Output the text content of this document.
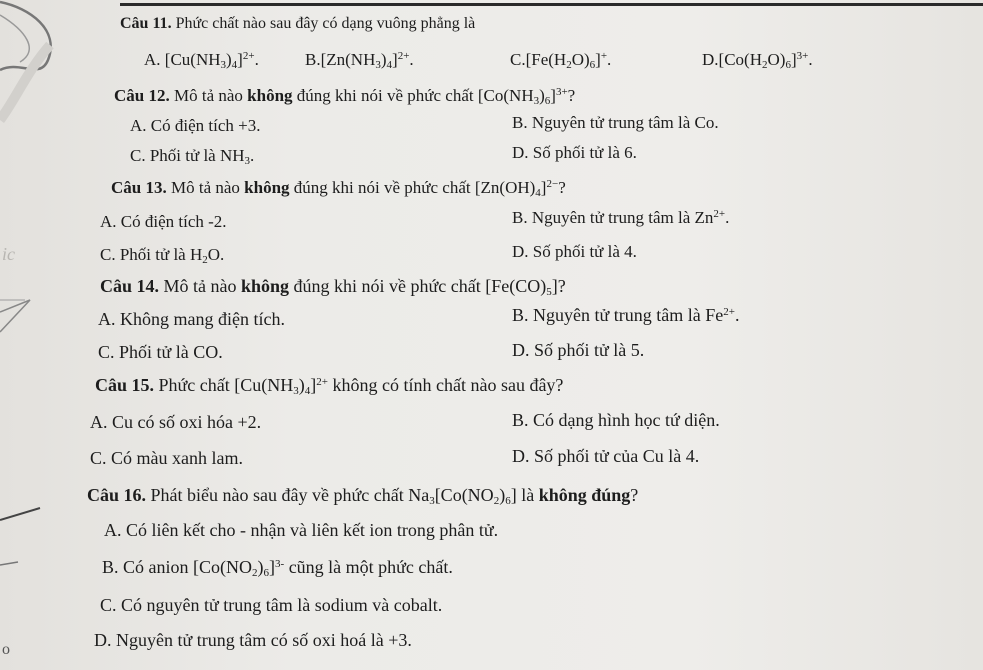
ic
o
Câu 11. Phức chất nào sau đây có dạng vuông phẳng là
A. $[Cu(NH_3)_4]^{2+}$.	$B.[Zn(NH_3)_4]^{2+}$.	$C.[Fe(H_2O)_6]^+$.	$D.[Co(H_2O)_6]^{3+}$.
Câu 12. Mô tả nào không đúng khi nói về phức chất $[Co(NH_3)_6]^{3+}$?
A. Có điện tích +3.	B. Nguyên tử trung tâm là Co.
C. Phối tử là $NH_3$.	D. Số phối tử là 6.
Câu 13. Mô tả nào không đúng khi nói về phức chất $[Zn(OH)_4]^{2-}$?
A. Có điện tích -2.	B. Nguyên tử trung tâm là $Zn^{2+}$.
C. Phối tử là $H_2O$.	D. Số phối tử là 4.
Câu 14. Mô tả nào không đúng khi nói về phức chất $[Fe(CO)_5]$?
A. Không mang điện tích.	B. Nguyên tử trung tâm là $Fe^{2+}$.
C. Phối tử là CO.	D. Số phối tử là 5.
Câu 15. Phức chất $[Cu(NH_3)_4]^{2+}$ không có tính chất nào sau đây?
A. Cu có số oxi hóa +2.	B. Có dạng hình học tứ diện.
C. Có màu xanh lam.	D. Số phối tử của Cu là 4.
Câu 16. Phát biểu nào sau đây về phức chất $Na_3[Co(NO_2)_6]$ là không đúng?
A. Có liên kết cho - nhận và liên kết ion trong phân tử.
B. Có anion $[Co(NO_2)_6]^{3-}$ cũng là một phức chất.
C. Có nguyên tử trung tâm là sodium và cobalt.
D. Nguyên tử trung tâm có số oxi hoá là +3.
